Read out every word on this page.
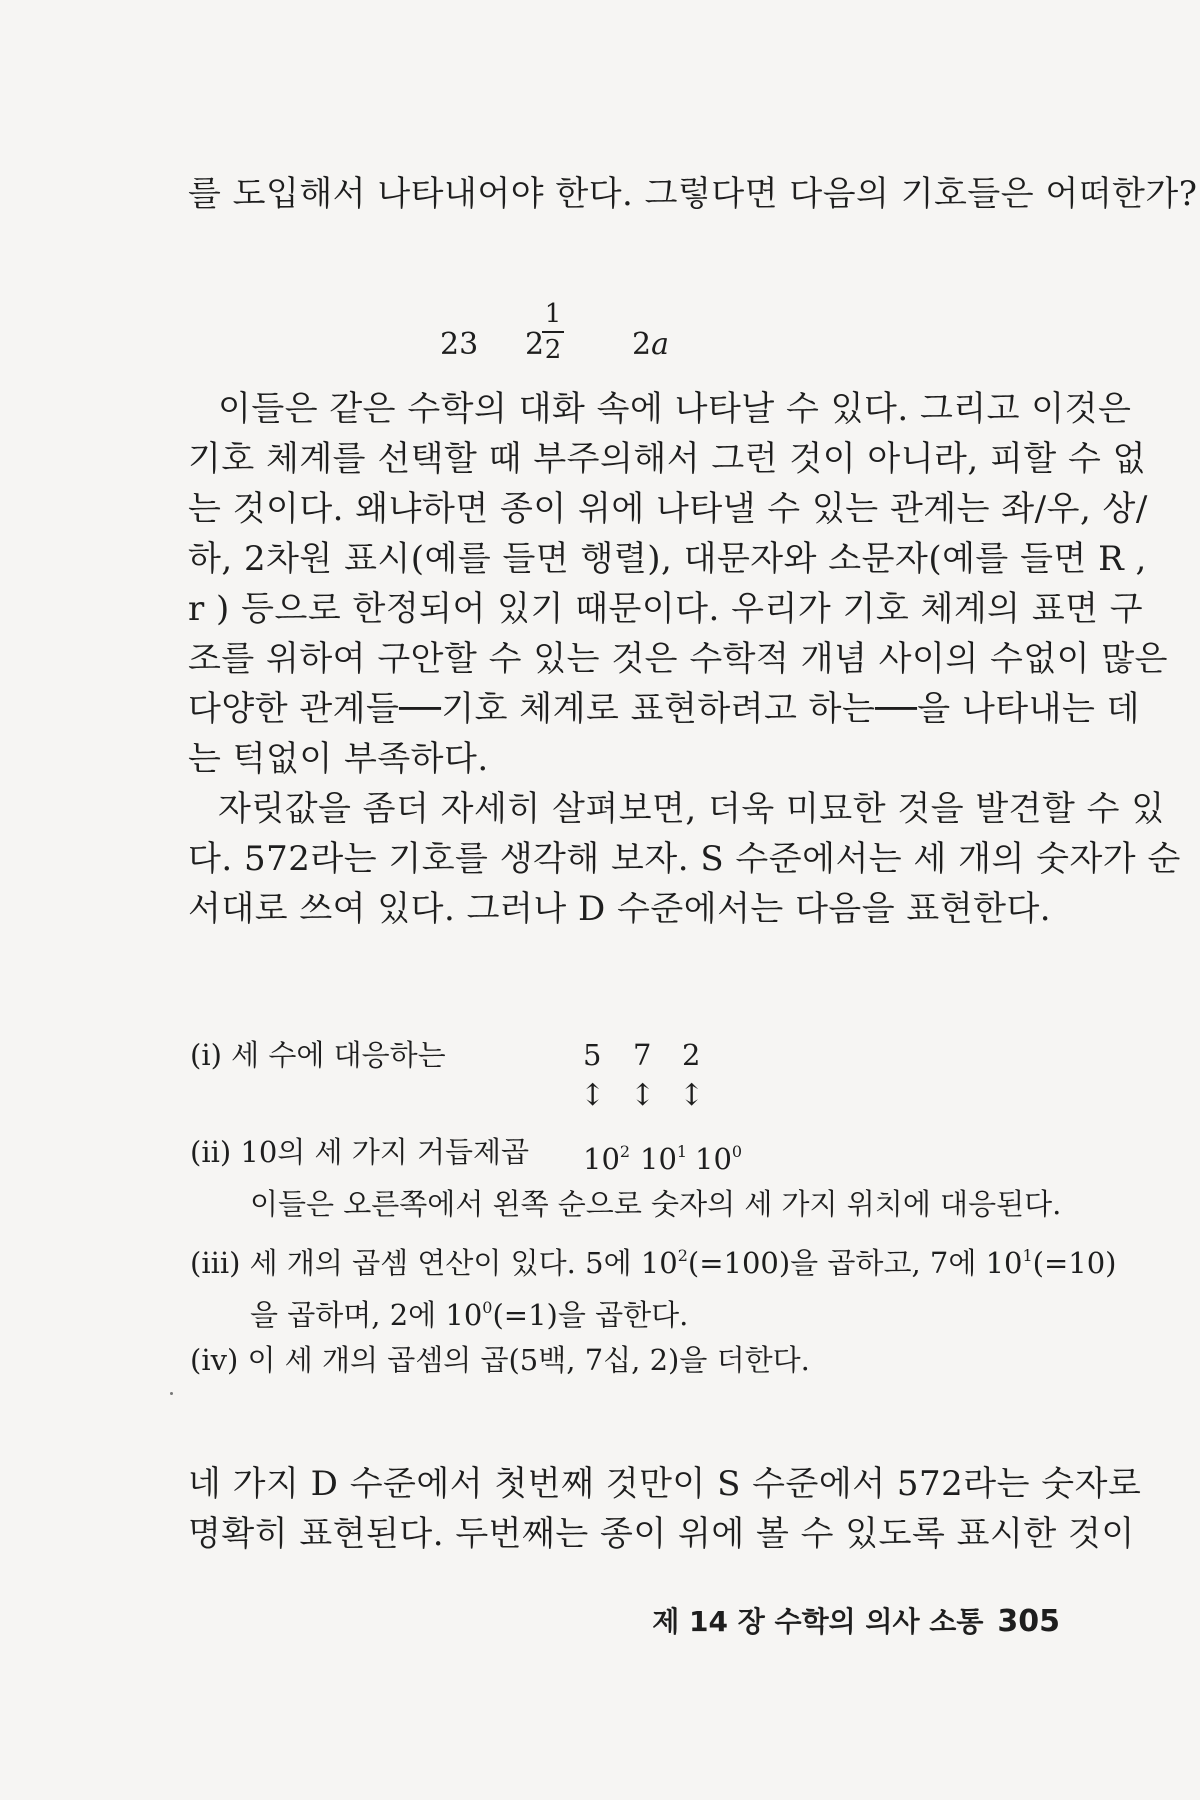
를 도입해서 나타내어야 한다. 그렇다면 다음의 기호들은 어떠한가?
23 2
1
2 2a
이들은 같은 수학의 대화 속에 나타날 수 있다. 그리고 이것은
기호 체계를 선택할 때 부주의해서 그런 것이 아니라, 피할 수 없
는 것이다. 왜냐하면 종이 위에 나타낼 수 있는 관계는 좌/우, 상/
하, 2차원 표시(예를 들면 행렬), 대문자와 소문자(예를 들면 R ,
r ) 등으로 한정되어 있기 때문이다. 우리가 기호 체계의 표면 구
조를 위하여 구안할 수 있는 것은 수학적 개념 사이의 수없이 많은
다양한 관계들──기호 체계로 표현하려고 하는──을 나타내는 데
는 턱없이 부족하다.
자릿값을 좀더 자세히 살펴보면, 더욱 미묘한 것을 발견할 수 있
다. 572라는 기호를 생각해 보자. S 수준에서는 세 개의 숫자가 순
서대로 쓰여 있다. 그러나 D 수준에서는 다음을 표현한다.
(i) 세 수에 대응하는	5 7 2
↕ ↕ ↕
(ii) 10의 세 가지 거듭제곱 $10^2$ $10^1$ $10^0$
이들은 오른쪽에서 왼쪽 순으로 숫자의 세 가지 위치에 대응된다.
(iii) 세 개의 곱셈 연산이 있다. 5에 $10^2(=100)$을 곱하고, 7에 $10^1(=10)$
을 곱하며, 2에 $10^0(=1)$을 곱한다.
(iv) 이 세 개의 곱셈의 곱(5백, 7십, 2)을 더한다.
네 가지 D 수준에서 첫번째 것만이 S 수준에서 572라는 숫자로
명확히 표현된다. 두번째는 종이 위에 볼 수 있도록 표시한 것이
제 14 장 수학의 의사 소통 305
